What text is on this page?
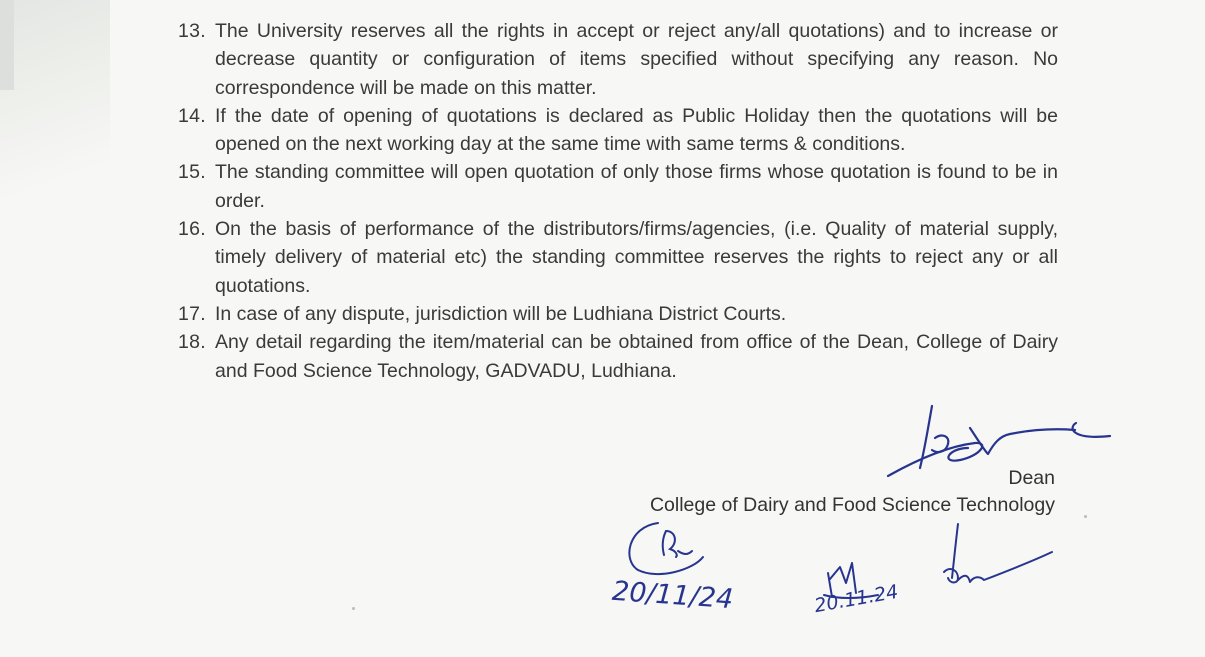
13. The University reserves all the rights in accept or reject any/all quotations) and to increase or decrease quantity or configuration of items specified without specifying any reason. No correspondence will be made on this matter.
14. If the date of opening of quotations is declared as Public Holiday then the quotations will be opened on the next working day at the same time with same terms & conditions.
15. The standing committee will open quotation of only those firms whose quotation is found to be in order.
16. On the basis of performance of the distributors/firms/agencies, (i.e. Quality of material supply, timely delivery of material etc) the standing committee reserves the rights to reject any or all quotations.
17. In case of any dispute, jurisdiction will be Ludhiana District Courts.
18. Any detail regarding the item/material can be obtained from office of the Dean, College of Dairy and Food Science Technology, GADVADU, Ludhiana.
Dean
College of Dairy and Food Science Technology
20/11/24	20.11.24
